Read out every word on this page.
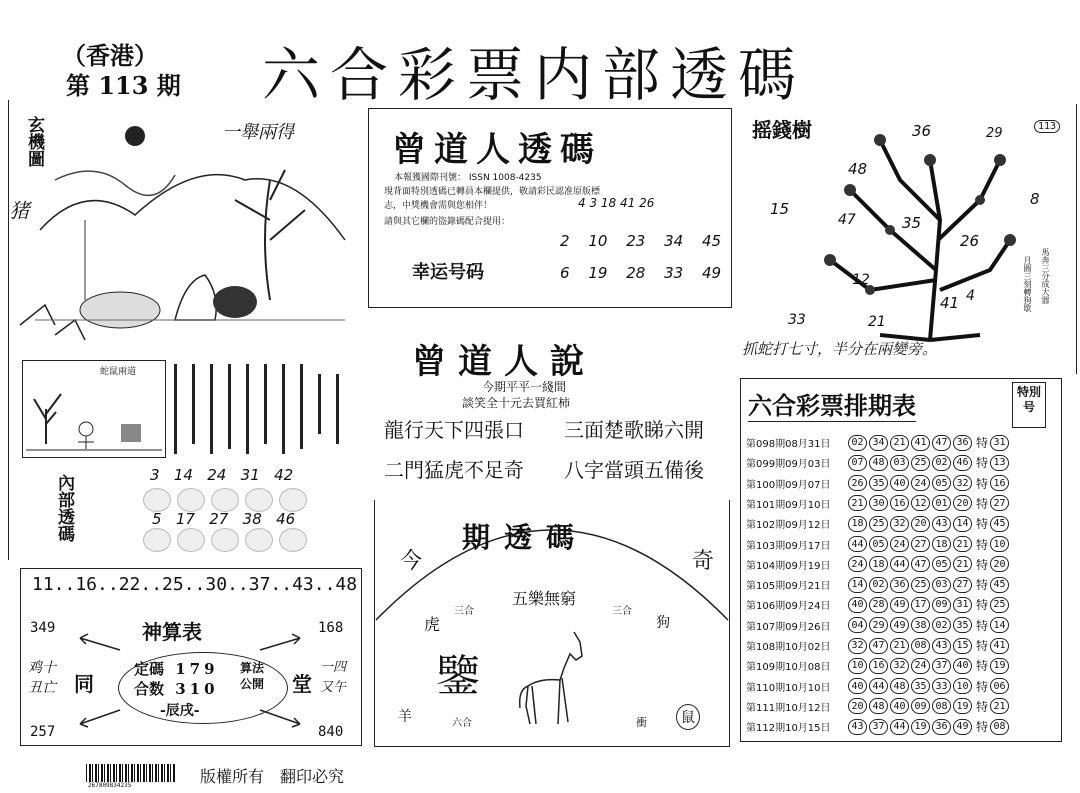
（香港）
第 113 期 六合彩票内部透碼
玄機圖
猪
一舉兩得
蛇鼠兩道
內部透碼	3 14 24 31 42
5 17 27 38 46
11..16..22..25..30..37..43..48
神算表
349	168
257	840
鸡十 丑亡 同	堂
一四 又午
定碼 179
合数 310
算法 公開
-辰戌-
曾道人透碼
本報獲國際刊號： ISSN 1008-4235
現背面特別透碼已轉員本欄提供，敬請彩民認准原版標
志，中獎機會需與您相伴！
請與其它欄的盜錄碼配合提用：
4 3 18 41 26
幸运号码
2 10 23 34 45
6 19 28 33 49
曾道人說
今期平平一綫間
談笑全十元去買紅柿
龍行天下四張口 三面楚歌睇六開
二門猛虎不足奇 八字當頭五備後
今
期透碼
奇
五樂無窮
虎
三合	三合
狗
鑒
羊	六合	衝	鼠
摇錢樹	113
36	29
48
8
15
47	35
26
12
41 4
33	21
馬奔三分成大器
月圓三刻轉狗歇
抓蛇打七寸，半分在兩變旁。
六合彩票排期表	特別号
第098期08月31日	02 34 21 41 47 36 特 31
第099期09月03日	07 48 03 25 02 46 特 13
第100期09月07日	26 35 40 24 05 32 特 16
第101期09月10日	21 30 16 12 01 20 特 27
第102期09月12日	18 25 32 20 43 14 特 45
第103期09月17日	44 05 24 27 18 21 特 10
第104期09月19日	24 18 44 47 05 21 特 20
第105期09月21日	14 02 36 25 03 27 特 45
第106期09月24日	40 28 49 17 09 31 特 25
第107期09月26日	04 29 49 38 02 35 特 14
第108期10月02日	32 47 21 08 43 15 特 41
第109期10月08日	10 16 32 24 37 40 特 19
第110期10月10日	40 44 48 35 33 10 特 06
第111期10月12日	20 48 40 09 08 19 特 21
第112期10月15日	43 37 44 19 36 49 特 08
267809834235	版權所有　翻印必究
